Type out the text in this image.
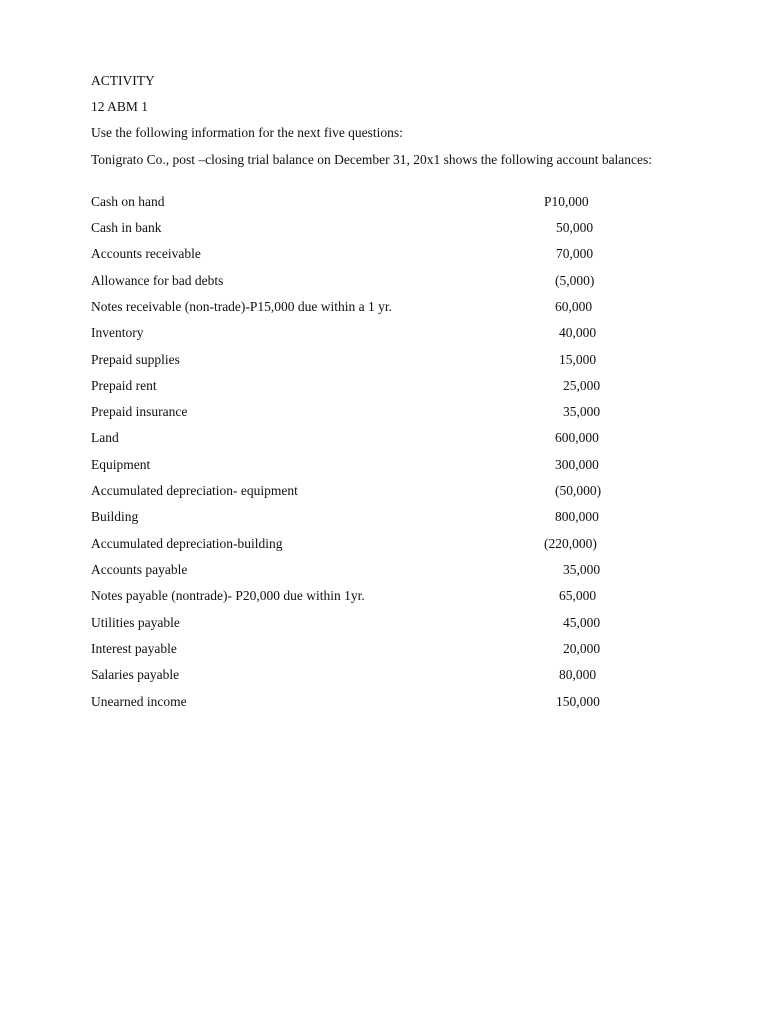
ACTIVITY
12 ABM 1
Use the following information for the next five questions:
Tonigrato Co., post –closing trial balance on December 31, 20x1 shows the following account balances:
Cash on hand	P10,000
Cash in bank	50,000
Accounts receivable	70,000
Allowance for bad debts	(5,000)
Notes receivable (non-trade)-P15,000 due within a 1 yr.	60,000
Inventory	40,000
Prepaid supplies	15,000
Prepaid rent	25,000
Prepaid insurance	35,000
Land	600,000
Equipment	300,000
Accumulated depreciation- equipment	(50,000)
Building	800,000
Accumulated depreciation-building	(220,000)
Accounts payable	35,000
Notes payable (nontrade)- P20,000 due within 1yr.	65,000
Utilities payable	45,000
Interest payable	20,000
Salaries payable	80,000
Unearned income	150,000
